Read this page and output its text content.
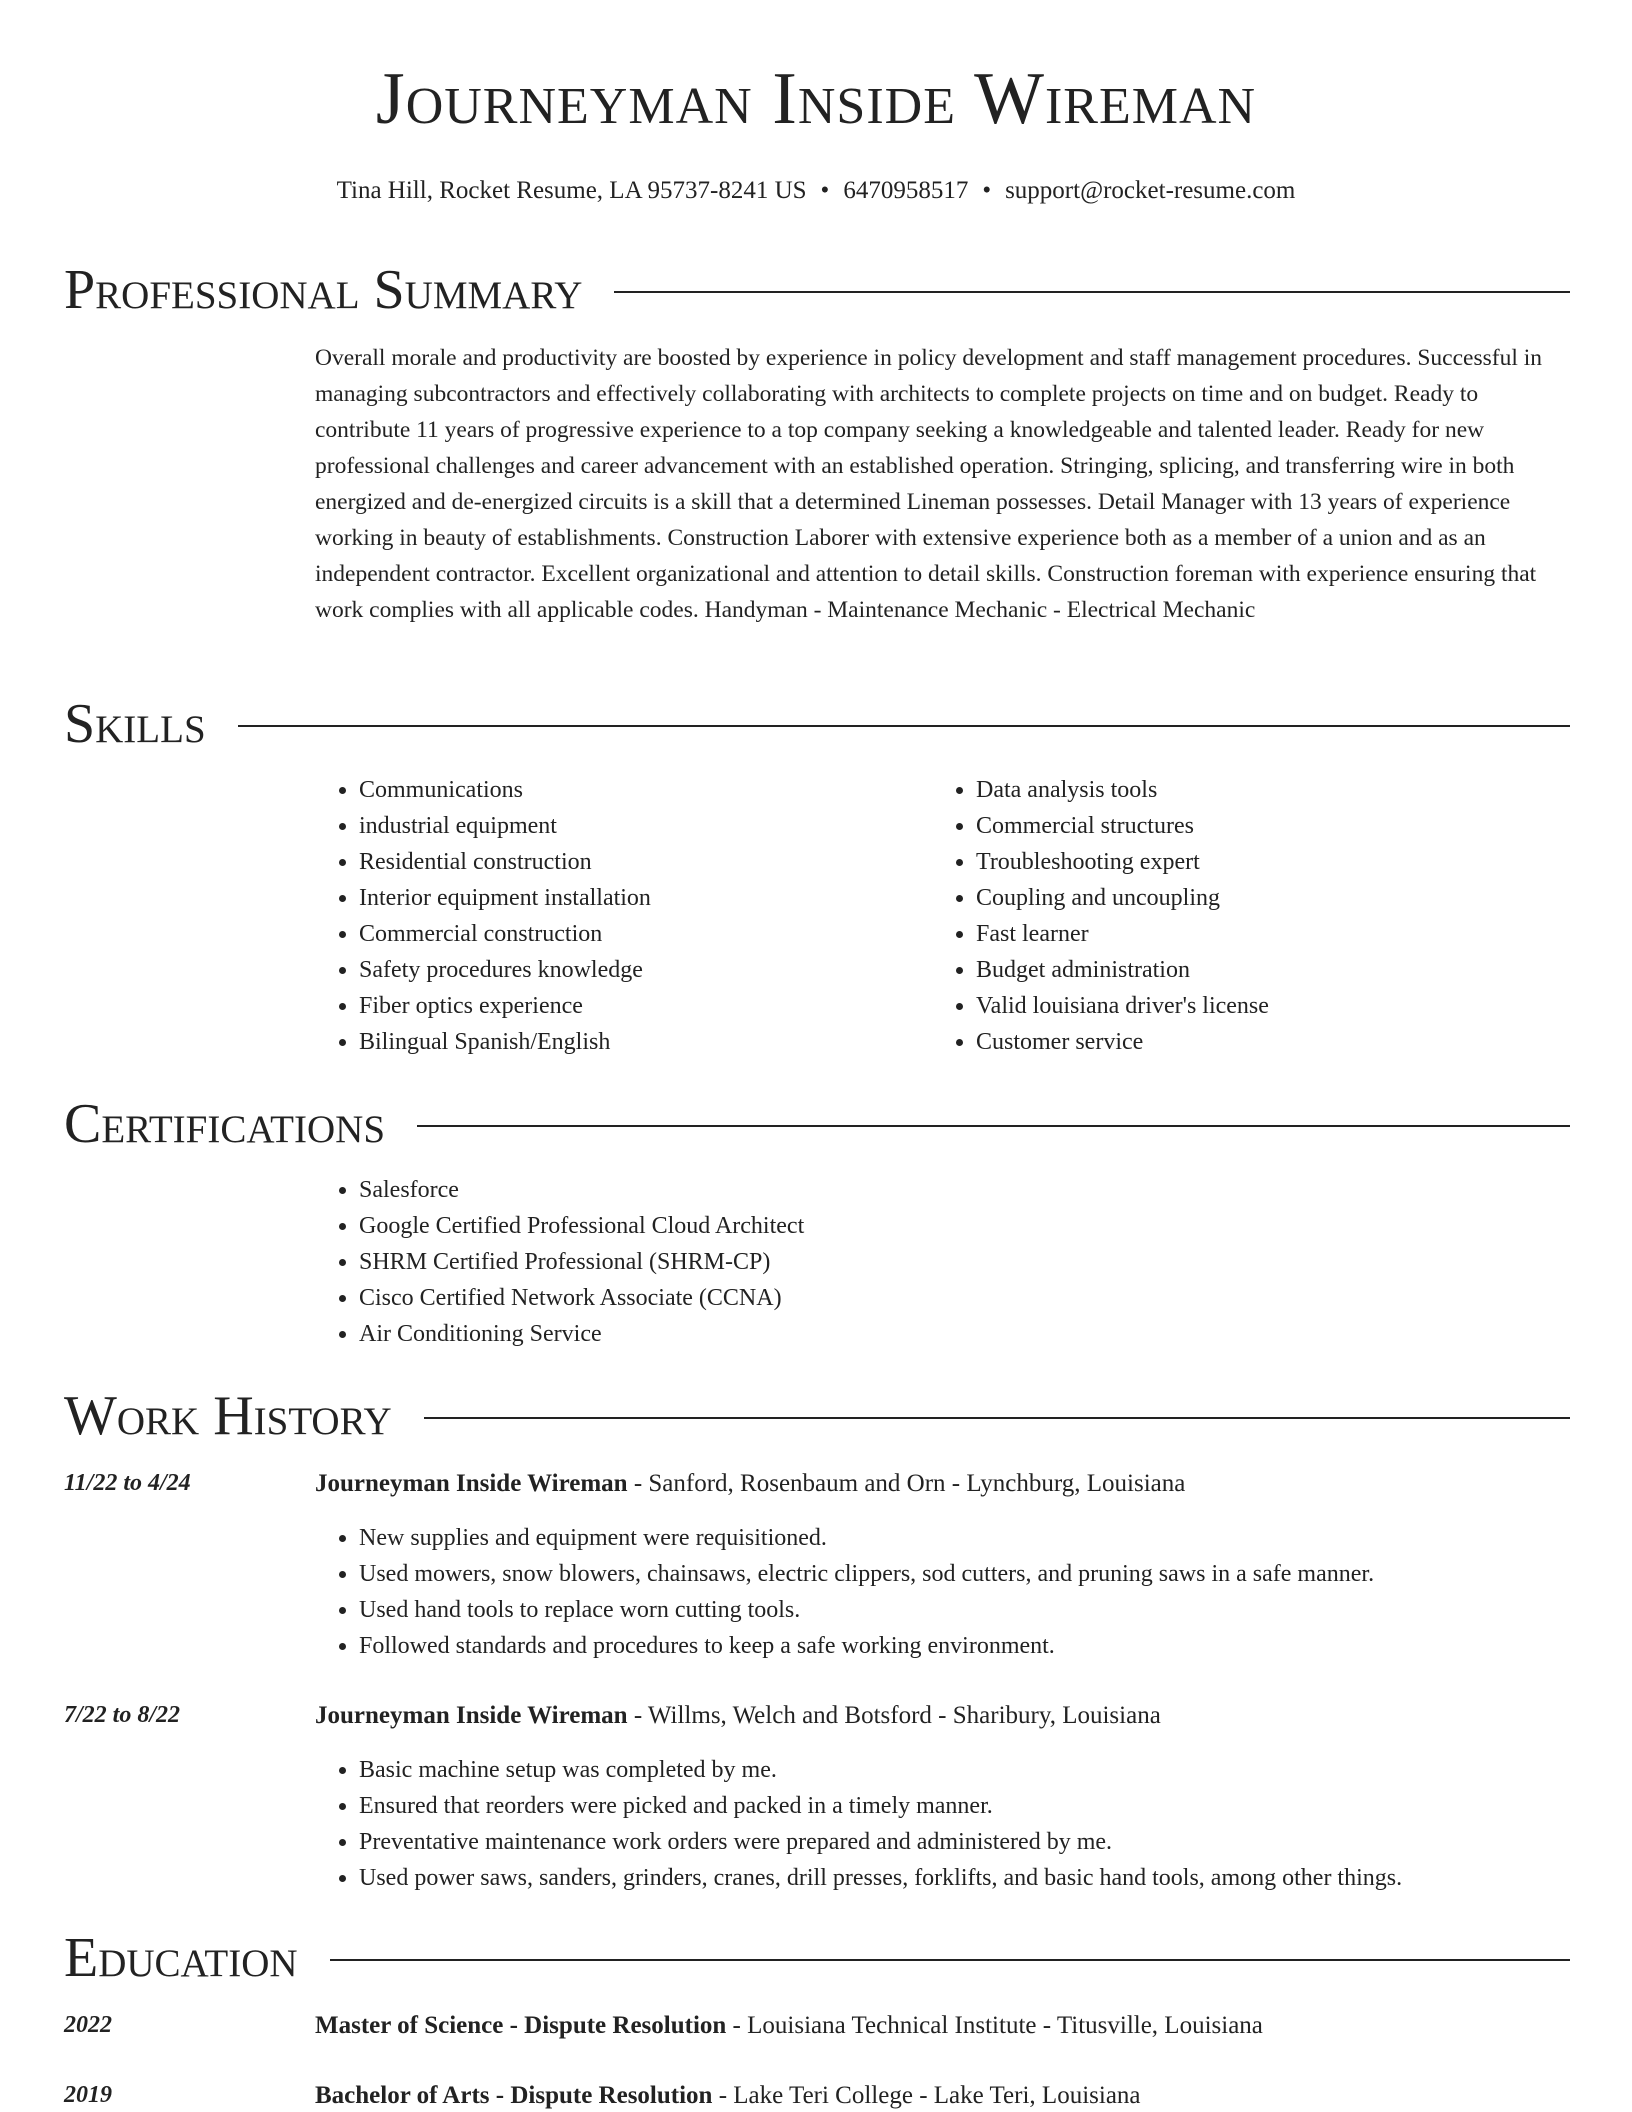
Journeyman Inside Wireman
Tina Hill, Rocket Resume, LA 95737-8241 US • 6470958517 • support@rocket-resume.com
Professional Summary

Overall morale and productivity are boosted by experience in policy development and staff management procedures. Successful in managing subcontractors and effectively collaborating with architects to complete projects on time and on budget. Ready to contribute 11 years of progressive experience to a top company seeking a knowledgeable and talented leader. Ready for new professional challenges and career advancement with an established operation. Stringing, splicing, and transferring wire in both energized and de-energized circuits is a skill that a determined Lineman possesses. Detail Manager with 13 years of experience working in beauty of establishments. Construction Laborer with extensive experience both as a member of a union and as an independent contractor. Excellent organizational and attention to detail skills. Construction foreman with experience ensuring that work complies with all applicable codes. Handyman - Maintenance Mechanic - Electrical Mechanic

Skills
• Communications
• industrial equipment
• Residential construction
• Interior equipment installation
• Commercial construction
• Safety procedures knowledge
• Fiber optics experience
• Bilingual Spanish/English
• Data analysis tools
• Commercial structures
• Troubleshooting expert
• Coupling and uncoupling
• Fast learner
• Budget administration
• Valid louisiana driver's license
• Customer service
Certifications
• Salesforce
• Google Certified Professional Cloud Architect
• SHRM Certified Professional (SHRM-CP)
• Cisco Certified Network Associate (CCNA)
• Air Conditioning Service
Work History
11/22 to 4/24	Journeyman Inside Wireman - Sanford, Rosenbaum and Orn - Lynchburg, Louisiana
• New supplies and equipment were requisitioned.
• Used mowers, snow blowers, chainsaws, electric clippers, sod cutters, and pruning saws in a safe manner.
• Used hand tools to replace worn cutting tools.
• Followed standards and procedures to keep a safe working environment.
7/22 to 8/22	Journeyman Inside Wireman - Willms, Welch and Botsford - Sharibury, Louisiana
• Basic machine setup was completed by me.
• Ensured that reorders were picked and packed in a timely manner.
• Preventative maintenance work orders were prepared and administered by me.
• Used power saws, sanders, grinders, cranes, drill presses, forklifts, and basic hand tools, among other things.
Education
2022	Master of Science - Dispute Resolution - Louisiana Technical Institute - Titusville, Louisiana
2019	Bachelor of Arts - Dispute Resolution - Lake Teri College - Lake Teri, Louisiana
